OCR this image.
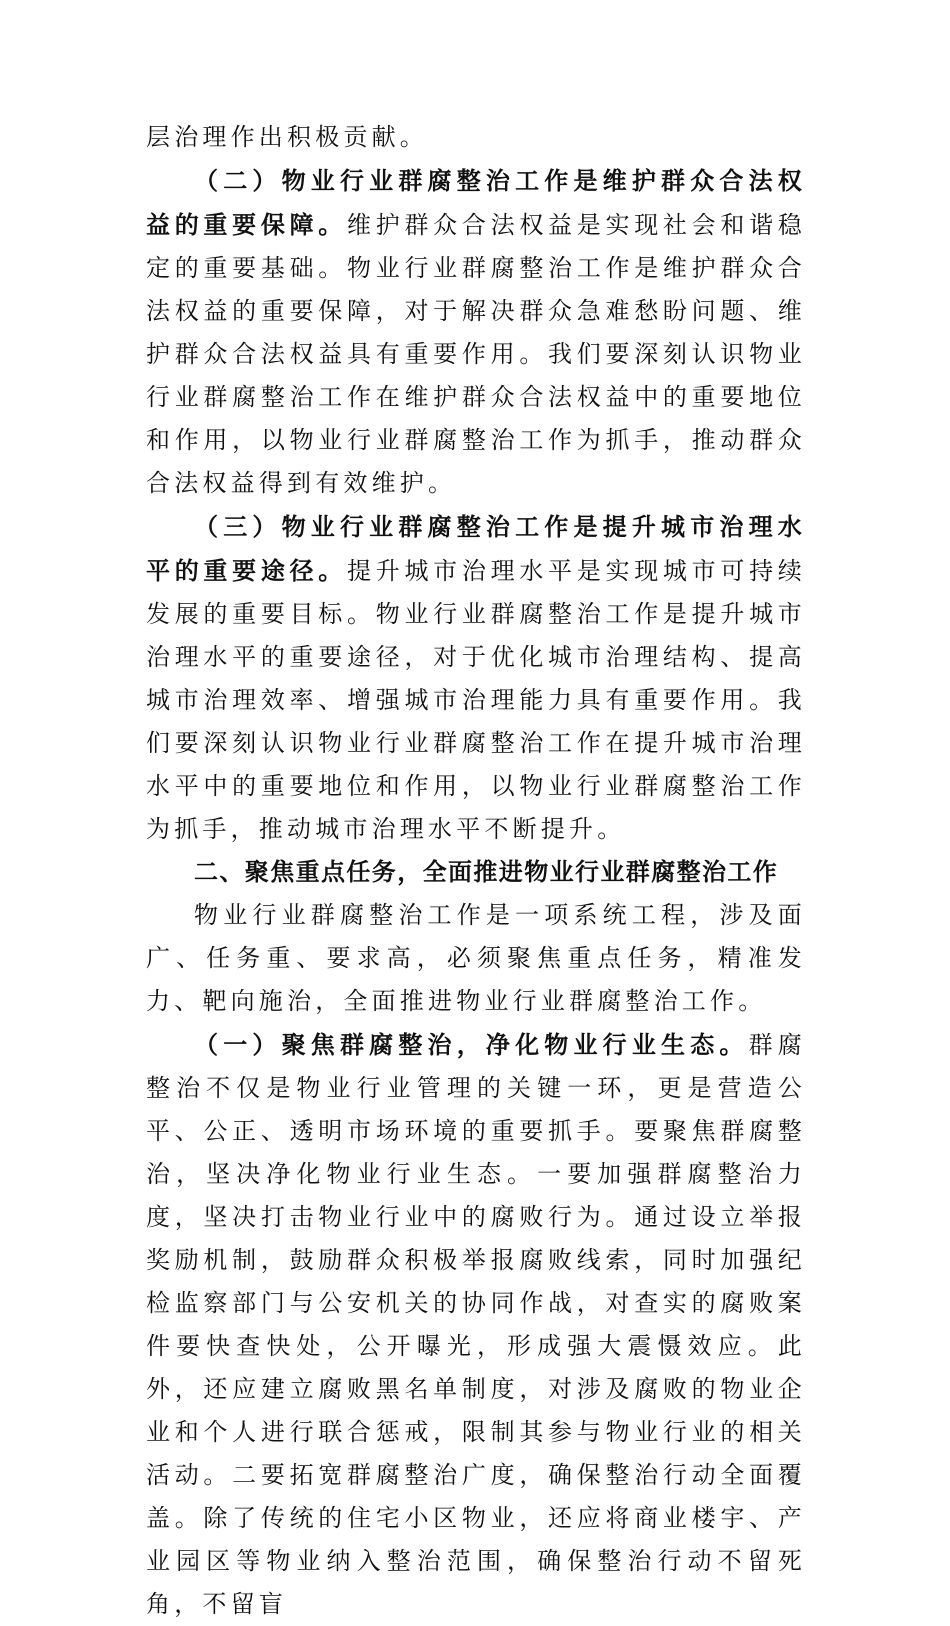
层治理作出积极贡献。

（二）物业行业群腐整治工作是维护群众合法权益的重要保障。维护群众合法权益是实现社会和谐稳定的重要基础。物业行业群腐整治工作是维护群众合法权益的重要保障，对于解决群众急难愁盼问题、维护群众合法权益具有重要作用。我们要深刻认识物业行业群腐整治工作在维护群众合法权益中的重要地位和作用，以物业行业群腐整治工作为抓手，推动群众合法权益得到有效维护。

（三）物业行业群腐整治工作是提升城市治理水平的重要途径。提升城市治理水平是实现城市可持续发展的重要目标。物业行业群腐整治工作是提升城市治理水平的重要途径，对于优化城市治理结构、提高城市治理效率、增强城市治理能力具有重要作用。我们要深刻认识物业行业群腐整治工作在提升城市治理水平中的重要地位和作用，以物业行业群腐整治工作为抓手，推动城市治理水平不断提升。

二、聚焦重点任务，全面推进物业行业群腐整治工作

物业行业群腐整治工作是一项系统工程，涉及面广、任务重、要求高，必须聚焦重点任务，精准发力、靶向施治，全面推进物业行业群腐整治工作。

（一）聚焦群腐整治，净化物业行业生态。群腐整治不仅是物业行业管理的关键一环，更是营造公平、公正、透明市场环境的重要抓手。要聚焦群腐整治，坚决净化物业行业生态。一要加强群腐整治力度，坚决打击物业行业中的腐败行为。通过设立举报奖励机制，鼓励群众积极举报腐败线索，同时加强纪检监察部门与公安机关的协同作战，对查实的腐败案件要快查快处，公开曝光，形成强大震慑效应。此外，还应建立腐败黑名单制度，对涉及腐败的物业企业和个人进行联合惩戒，限制其参与物业行业的相关活动。二要拓宽群腐整治广度，确保整治行动全面覆盖。除了传统的住宅小区物业，还应将商业楼宇、产业园区等物业纳入整治范围，确保整治行动不留死角，不留盲
